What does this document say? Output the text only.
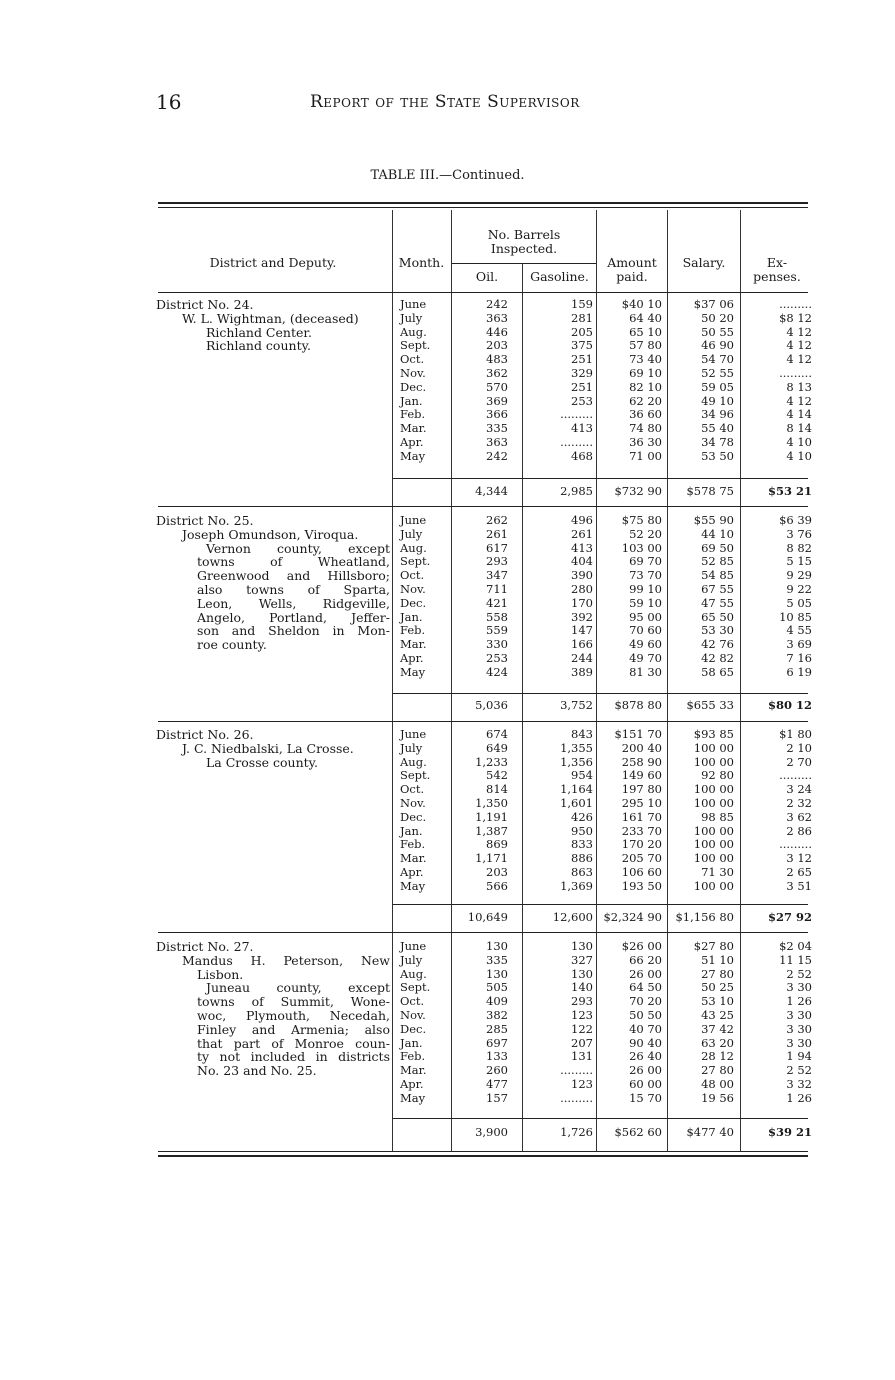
16	Report of the State Supervisor
TABLE III.—Continued.
District and Deputy.	Month.
No. Barrels
Inspected.
Oil.	Gasoline.
Amount
paid.
Salary.	Ex-
penses.
District No. 24.
W. L. Wightman, (deceased)
Richland Center.
Richland county.
June	242	159	$40 10	$37 06	.........
July	363	281	64 40	50 20	$8 12
Aug.	446	205	65 10	50 55	4 12
Sept.	203	375	57 80	46 90	4 12
Oct.	483	251	73 40	54 70	4 12
Nov.	362	329	69 10	52 55	.........
Dec.	570	251	82 10	59 05	8 13
Jan.	369	253	62 20	49 10	4 12
Feb.	366	.........	36 60	34 96	4 14
Mar.	335	413	74 80	55 40	8 14
Apr.	363	.........	36 30	34 78	4 10
May	242	468	71 00	53 50	4 10
4,344	2,985	$732 90	$578 75	$53 21
District No. 25.
Joseph Omundson, Viroqua.
Vernon county, except
towns of Wheatland,
Greenwood and Hillsboro;
also towns of Sparta,
Leon, Wells, Ridgeville,
Angelo, Portland, Jeffer-
son and Sheldon in Mon-
roe county.
June	262	496	$75 80	$55 90	$6 39
July	261	261	52 20	44 10	3 76
Aug.	617	413	103 00	69 50	8 82
Sept.	293	404	69 70	52 85	5 15
Oct.	347	390	73 70	54 85	9 29
Nov.	711	280	99 10	67 55	9 22
Dec.	421	170	59 10	47 55	5 05
Jan.	558	392	95 00	65 50	10 85
Feb.	559	147	70 60	53 30	4 55
Mar.	330	166	49 60	42 76	3 69
Apr.	253	244	49 70	42 82	7 16
May	424	389	81 30	58 65	6 19
5,036	3,752	$878 80	$655 33	$80 12
District No. 26.
J. C. Niedbalski, La Crosse.
La Crosse county.
June	674	843	$151 70	$93 85	$1 80
July	649	1,355	200 40	100 00	2 10
Aug.	1,233	1,356	258 90	100 00	2 70
Sept.	542	954	149 60	92 80	.........
Oct.	814	1,164	197 80	100 00	3 24
Nov.	1,350	1,601	295 10	100 00	2 32
Dec.	1,191	426	161 70	98 85	3 62
Jan.	1,387	950	233 70	100 00	2 86
Feb.	869	833	170 20	100 00	.........
Mar.	1,171	886	205 70	100 00	3 12
Apr.	203	863	106 60	71 30	2 65
May	566	1,369	193 50	100 00	3 51
10,649	12,600 $2,324 90	$1,156 80	$27 92
District No. 27.
Mandus H. Peterson, New
Lisbon.
Juneau county, except
towns of Summit, Wone-
woc, Plymouth, Necedah,
Finley and Armenia; also
that part of Monroe coun-
ty not included in districts
No. 23 and No. 25.
June	130	130	$26 00	$27 80	$2 04
July	335	327	66 20	51 10	11 15
Aug.	130	130	26 00	27 80	2 52
Sept.	505	140	64 50	50 25	3 30
Oct.	409	293	70 20	53 10	1 26
Nov.	382	123	50 50	43 25	3 30
Dec.	285	122	40 70	37 42	3 30
Jan.	697	207	90 40	63 20	3 30
Feb.	133	131	26 40	28 12	1 94
Mar.	260	.........	26 00	27 80	2 52
Apr.	477	123	60 00	48 00	3 32
May	157	.........	15 70	19 56	1 26
3,900	1,726	$562 60	$477 40	$39 21
